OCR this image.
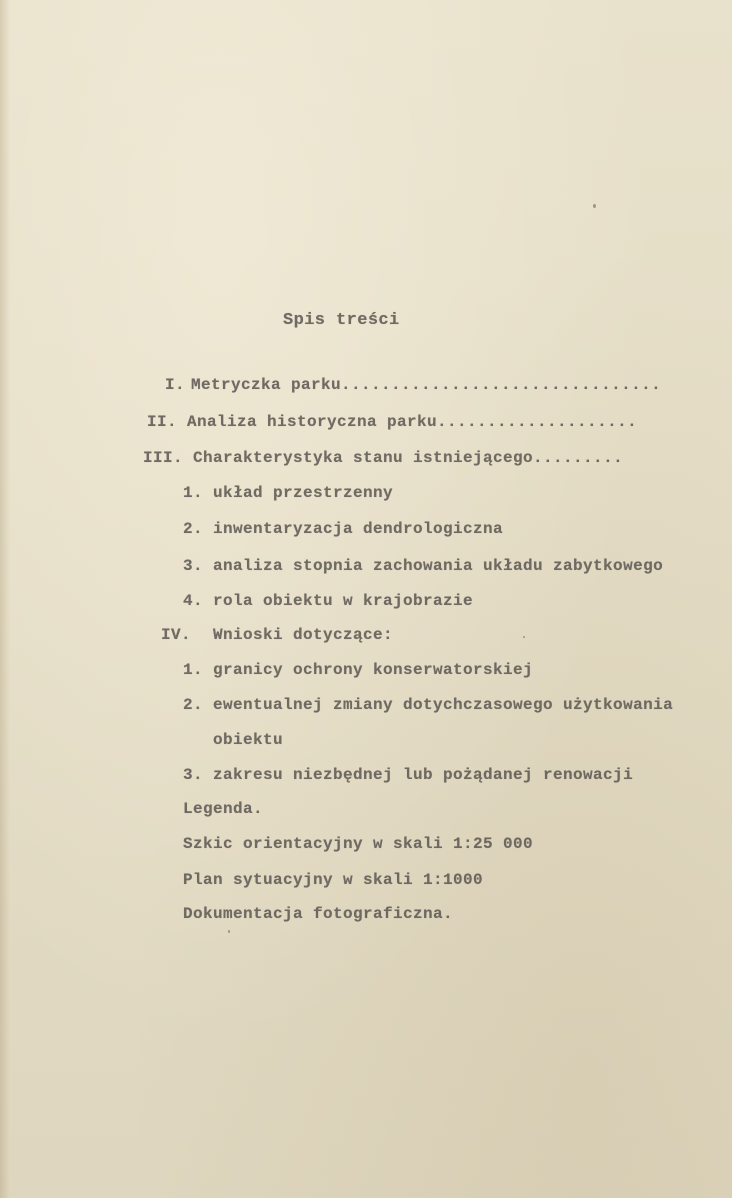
Spis treści
I. Metryczka parku................................
II. Analiza historyczna parku....................
III. Charakterystyka stanu istniejącego.........
1. układ przestrzenny
2. inwentaryzacja dendrologiczna
3. analiza stopnia zachowania układu zabytkowego
4. rola obiektu w krajobrazie
IV. Wnioski dotyczące:
1. granicy ochrony konserwatorskiej
2. ewentualnej zmiany dotychczasowego użytkowania
obiektu
3. zakresu niezbędnej lub pożądanej renowacji
Legenda.
Szkic orientacyjny w skali 1:25 000
Plan sytuacyjny w skali 1:1000
Dokumentacja fotograficzna.
